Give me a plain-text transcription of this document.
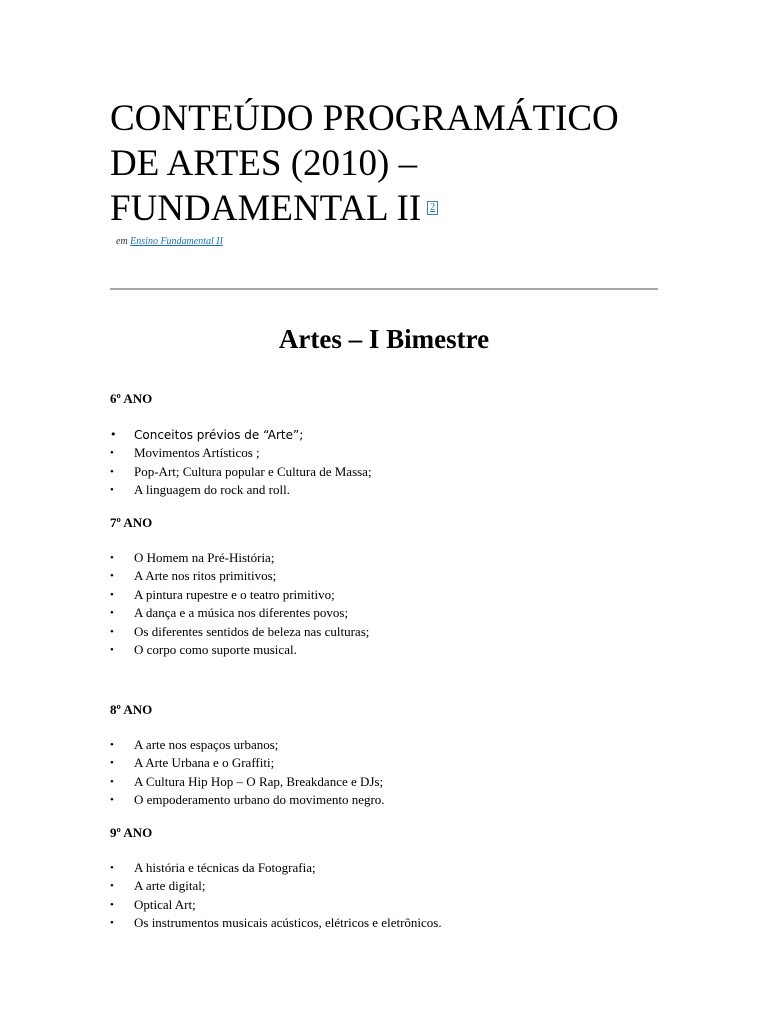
CONTEÚDO PROGRAMÁTICO
DE ARTES (2010) –
FUNDAMENTAL II 2
em Ensino Fundamental II
Artes – I Bimestre

6º ANO

• Conceitos prévios de “Arte”;
• Movimentos Artísticos ;
• Pop-Art; Cultura popular e Cultura de Massa;
• A linguagem do rock and roll.

7º ANO

• O Homem na Pré-História;
• A Arte nos ritos primitivos;
• A pintura rupestre e o teatro primitivo;
• A dança e a música nos diferentes povos;
• Os diferentes sentidos de beleza nas culturas;
• O corpo como suporte musical.

8º ANO

• A arte nos espaços urbanos;
• A Arte Urbana e o Graffiti;
• A Cultura Hip Hop – O Rap, Breakdance e DJs;
• O empoderamento urbano do movimento negro.

9º ANO

• A história e técnicas da Fotografia;
• A arte digital;
• Optical Art;
• Os instrumentos musicais acústicos, elétricos e eletrônicos.
